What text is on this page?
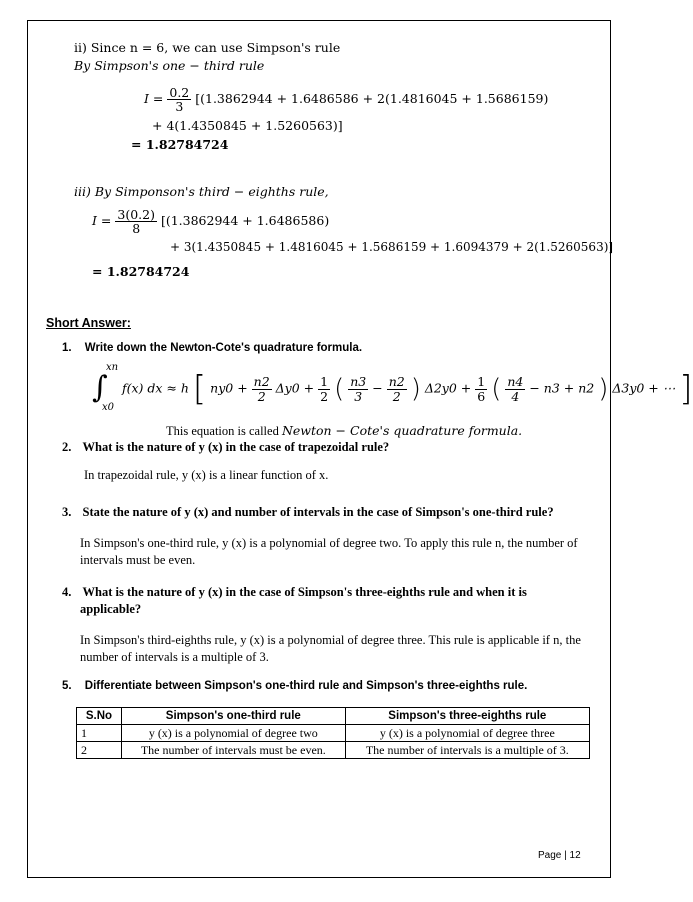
ii) Since n = 6, we can use Simpson's rule
By Simpson's one − third rule
$I = \frac{0.2}{3} [(1.3862944 + 1.6486586 + 2(1.4816045 + 1.5686159)$
+ 4(1.4350845 + 1.5260563)]
= 1.82784724
iii) By Simponson's third − eighths rule,
$I = \frac{3(0.2)}{8} [(1.3862944 + 1.6486586)$
+ 3(1.4350845 + 1.4816045 + 1.5686159 + 1.6094379 + 2(1.5260563)]
= 1.82784724
Short Answer:
1. Write down the Newton-Cote's quadrature formula.
∫
xn
x0
f(x) dx ≈ h [ $ny0 + \frac{n2}{2} \Delta y0 + \frac{1}{2}$ ( $\frac{n3}{3} - \frac{n2}{2}$ ) $\Delta 2y0 + \frac{1}{6}$ ( $\frac{n4}{4} - n3 + n2$ ) Δ3y0 + ⋯ ]
This equation is called Newton − Cote's quadrature formula.
2. What is the nature of y (x) in the case of trapezoidal rule?
In trapezoidal rule, y (x) is a linear function of x.
3. State the nature of y (x) and number of intervals in the case of Simpson's one-third rule?
In Simpson's one-third rule, y (x) is a polynomial of degree two. To apply this rule n, the number of intervals must be even.
4. What is the nature of y (x) in the case of Simpson's three-eighths rule and when it is
applicable?
In Simpson's third-eighths rule, y (x) is a polynomial of degree three. This rule is applicable if n, the
number of intervals is a multiple of 3.
5. Differentiate between Simpson's one-third rule and Simpson's three-eighths rule.
S.No	Simpson's one-third rule	Simpson's three-eighths rule
1	y (x) is a polynomial of degree two	y (x) is a polynomial of degree three
2	The number of intervals must be even.	The number of intervals is a multiple of 3.
Page | 12
